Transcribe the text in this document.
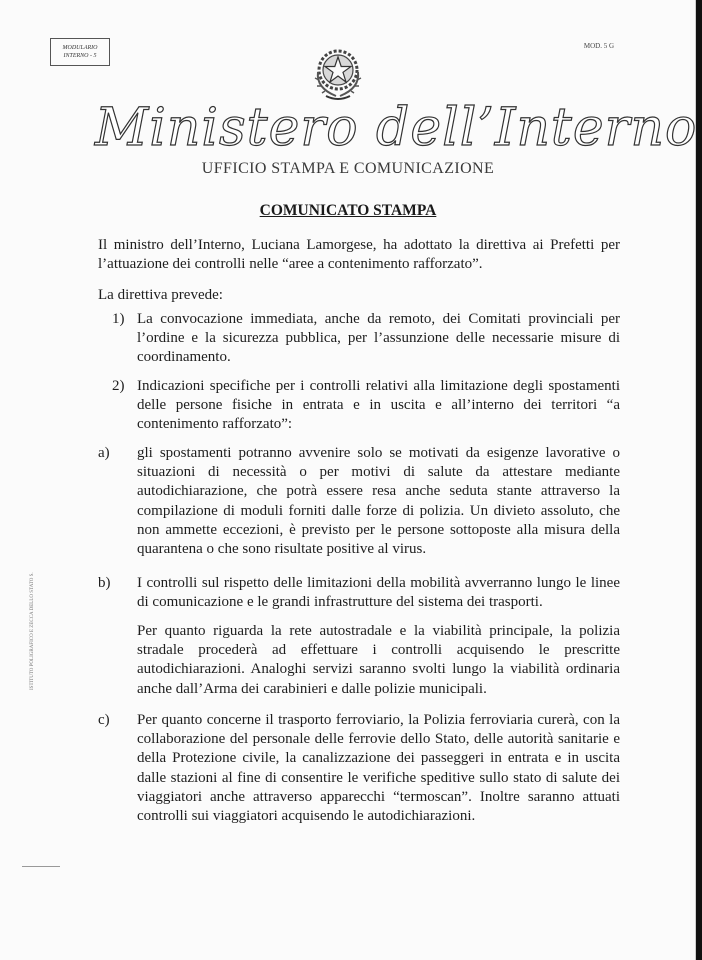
MODULARIO
INTERNO - 5
MOD. 5 G
Ministero dell’Interno
UFFICIO STAMPA E COMUNICAZIONE
COMUNICATO STAMPA
Il ministro dell’Interno, Luciana Lamorgese, ha adottato la direttiva ai Prefetti per l’attuazione dei controlli nelle “aree a contenimento rafforzato”.
La direttiva prevede:
1) La convocazione immediata, anche da remoto, dei Comitati provinciali per l’ordine e la sicurezza pubblica, per l’assunzione delle necessarie misure di coordinamento.
2) Indicazioni specifiche per i controlli relativi alla limitazione degli spostamenti delle persone fisiche in entrata e in uscita e all’interno dei territori “a contenimento rafforzato”:
a) gli spostamenti potranno avvenire solo se motivati da esigenze lavorative o situazioni di necessità o per motivi di salute da attestare mediante autodichiarazione, che potrà essere resa anche seduta stante attraverso la compilazione di moduli forniti dalle forze di polizia. Un divieto assoluto, che non ammette eccezioni, è previsto per le persone sottoposte alla misura della quarantena o che sono risultate positive al virus.
b) I controlli sul rispetto delle limitazioni della mobilità avverranno lungo le linee di comunicazione e le grandi infrastrutture del sistema dei trasporti.
Per quanto riguarda la rete autostradale e la viabilità principale, la polizia stradale procederà ad effettuare i controlli acquisendo le prescritte autodichiarazioni. Analoghi servizi saranno svolti lungo la viabilità ordinaria anche dall’Arma dei carabinieri e dalle polizie municipali.
c) Per quanto concerne il trasporto ferroviario, la Polizia ferroviaria curerà, con la collaborazione del personale delle ferrovie dello Stato, delle autorità sanitarie e della Protezione civile, la canalizzazione dei passeggeri in entrata e in uscita dalle stazioni al fine di consentire le verifiche speditive sullo stato di salute dei viaggiatori anche attraverso apparecchi “termoscan”. Inoltre saranno attuati controlli sui viaggiatori acquisendo le autodichiarazioni.
ISTITUTO POLIGRAFICO E ZECCA DELLO STATO S.
